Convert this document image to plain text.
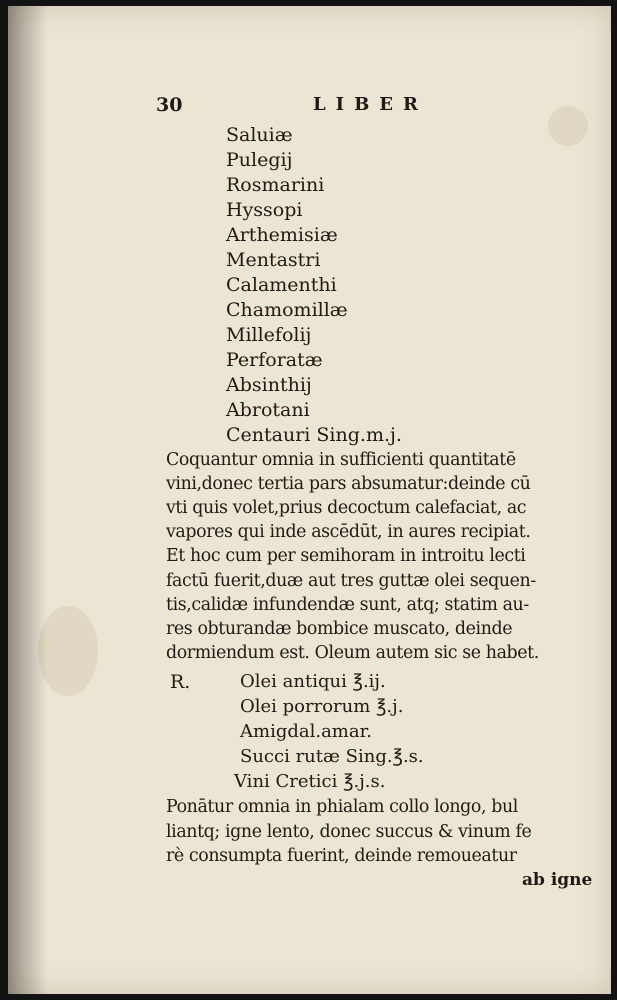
30	LIBER
Saluiæ
Pulegij
Rosmarini
Hyssopi
Arthemisiæ
Mentastri
Calamenthi
Chamomillæ
Millefolij
Perforatæ
Absinthij
Abrotani
Centauri Sing.m.j.
Coquantur omnia in sufficienti quantitatē
vini,donec tertia pars absumatur:deinde cū
vti quis volet,prius decoctum calefaciat, ac
vapores qui inde ascēdūt, in aures recipiat.
Et hoc cum per semihoram in introitu lecti
factū fuerit,duæ aut tres guttæ olei sequen-
tis,calidæ infundendæ sunt, atq; statim au-
res obturandæ bombice muscato, deinde
dormiendum est. Oleum autem sic se habet.
R.	Olei antiqui ℥.ij.
Olei porrorum ℥.j.
Amigdal.amar.
Succi rutæ Sing.℥.s.
Vini Cretici ℥.j.s.
Ponātur omnia in phialam collo longo, bul
liantq; igne lento, donec succus & vinum fe
rè consumpta fuerint, deinde remoueatur
ab igne
